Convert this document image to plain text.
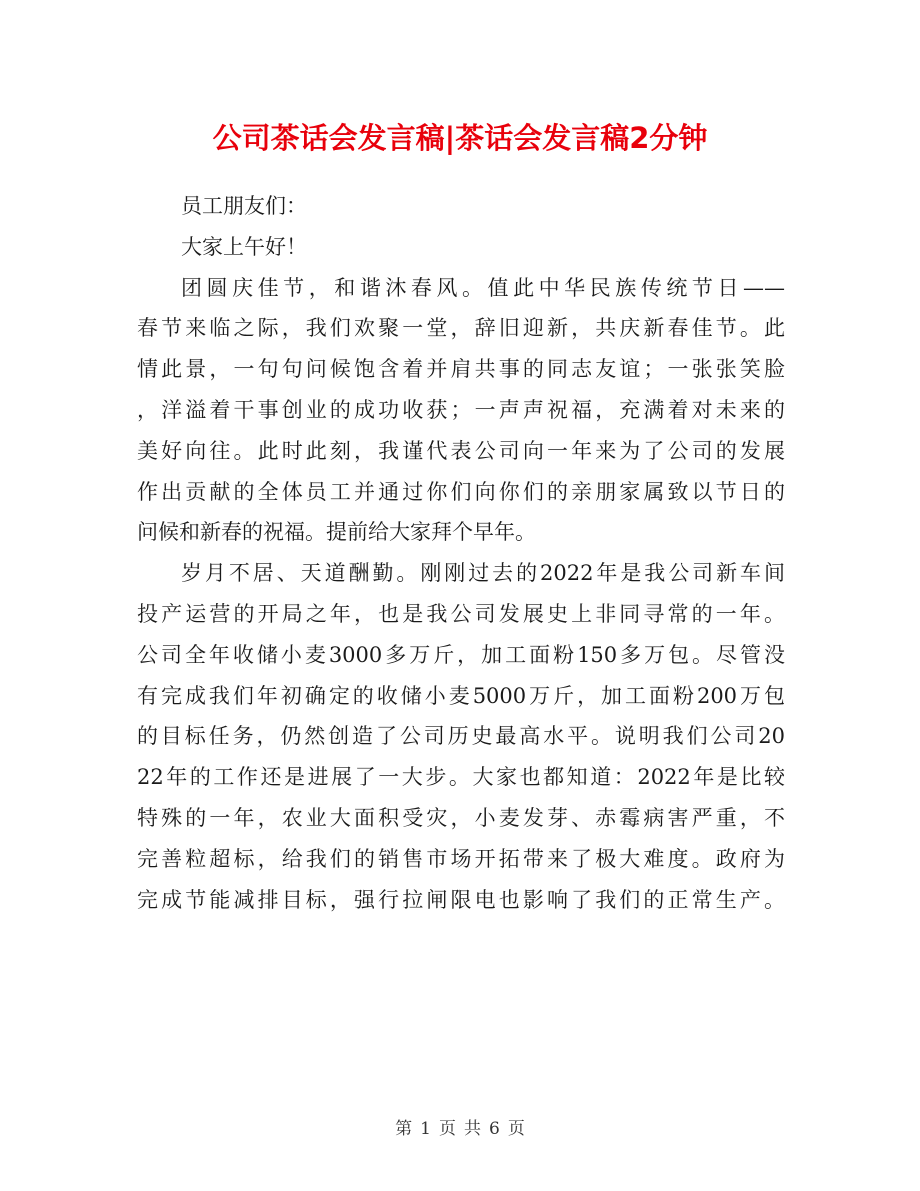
公司茶话会发言稿|茶话会发言稿2分钟
员工朋友们：
大家上午好！
团圆庆佳节，和谐沐春风。值此中华民族传统节日——
春节来临之际，我们欢聚一堂，辞旧迎新，共庆新春佳节。此
情此景，一句句问候饱含着并肩共事的同志友谊；一张张笑脸
，洋溢着干事创业的成功收获；一声声祝福，充满着对未来的
美好向往。此时此刻，我谨代表公司向一年来为了公司的发展
作出贡献的全体员工并通过你们向你们的亲朋家属致以节日的
问候和新春的祝福。提前给大家拜个早年。
岁月不居、天道酬勤。刚刚过去的2022年是我公司新车间
投产运营的开局之年，也是我公司发展史上非同寻常的一年。
公司全年收储小麦3000多万斤，加工面粉150多万包。尽管没
有完成我们年初确定的收储小麦5000万斤，加工面粉200万包
的目标任务，仍然创造了公司历史最高水平。说明我们公司20
22年的工作还是进展了一大步。大家也都知道：2022年是比较
特殊的一年，农业大面积受灾，小麦发芽、赤霉病害严重，不
完善粒超标，给我们的销售市场开拓带来了极大难度。政府为
完成节能减排目标，强行拉闸限电也影响了我们的正常生产。
第 1 页 共 6 页
